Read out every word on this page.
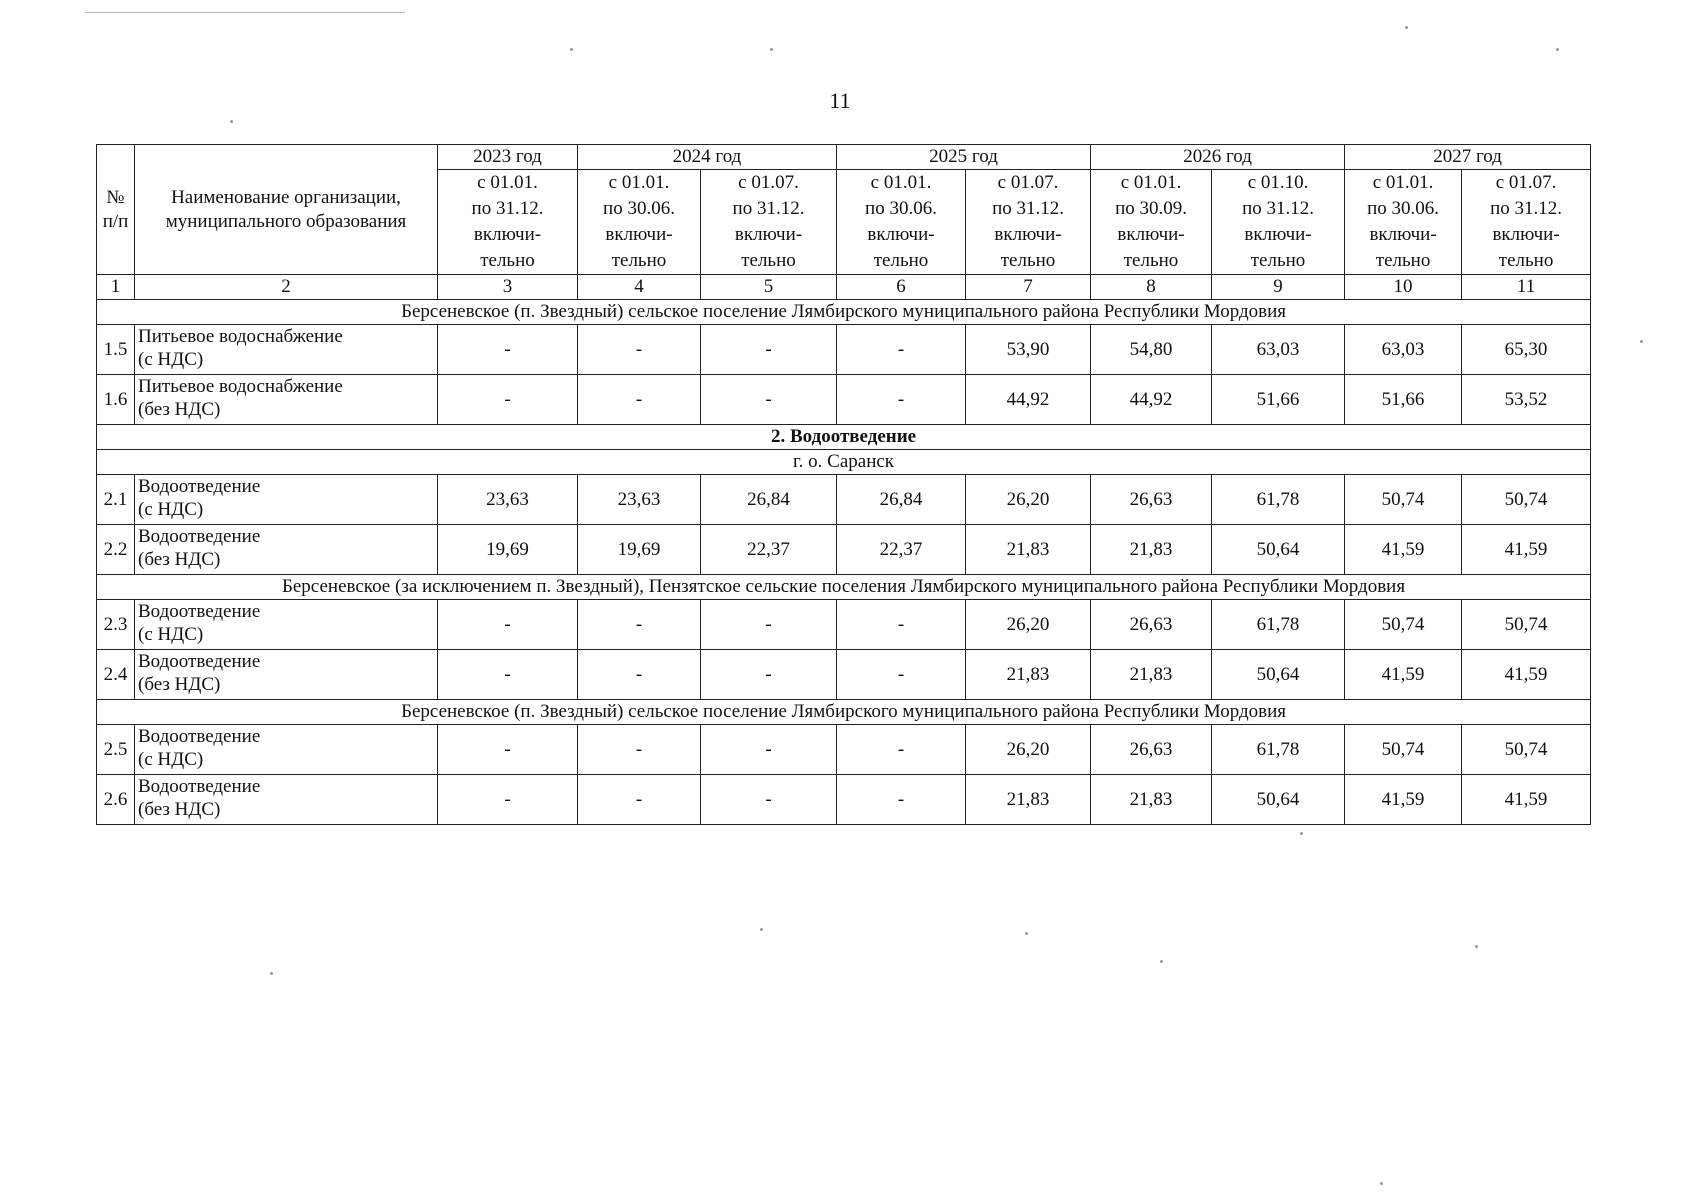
11
№
п/п	Наименование организации,
муниципального образования	2023 год	2024 год		2025 год		2026 год		2027 год	
		с 01.01.
по 31.12.
включи-
тельно	с 01.01.
по 30.06.
включи-
тельно	с 01.07.
по 31.12.
включи-
тельно	с 01.01.
по 30.06.
включи-
тельно	с 01.07.
по 31.12.
включи-
тельно	с 01.01.
по 30.09.
включи-
тельно	с 01.10.
по 31.12.
включи-
тельно	с 01.01.
по 30.06.
включи-
тельно	с 01.07.
по 31.12.
включи-
тельно
1	2	3	4	5	6	7	8	9	10	11
Берсеневское (п. Звездный) сельское поселение Лямбирского муниципального района Республики Мордовия										
1.5	Питьевое водоснабжение
(с НДС)	-	-	-	-	53,90	54,80	63,03	63,03	65,30
1.6	Питьевое водоснабжение
(без НДС)	-	-	-	-	44,92	44,92	51,66	51,66	53,52
2. Водоотведение										
г. о. Саранск										
2.1	Водоотведение
(с НДС)	23,63	23,63	26,84	26,84	26,20	26,63	61,78	50,74	50,74
2.2	Водоотведение
(без НДС)	19,69	19,69	22,37	22,37	21,83	21,83	50,64	41,59	41,59
Берсеневское (за исключением п. Звездный), Пензятское сельские поселения Лямбирского муниципального района Республики Мордовия										
2.3	Водоотведение
(с НДС)	-	-	-	-	26,20	26,63	61,78	50,74	50,74
2.4	Водоотведение
(без НДС)	-	-	-	-	21,83	21,83	50,64	41,59	41,59
Берсеневское (п. Звездный) сельское поселение Лямбирского муниципального района Республики Мордовия										
2.5	Водоотведение
(с НДС)	-	-	-	-	26,20	26,63	61,78	50,74	50,74
2.6	Водоотведение
(без НДС)	-	-	-	-	21,83	21,83	50,64	41,59	41,59
